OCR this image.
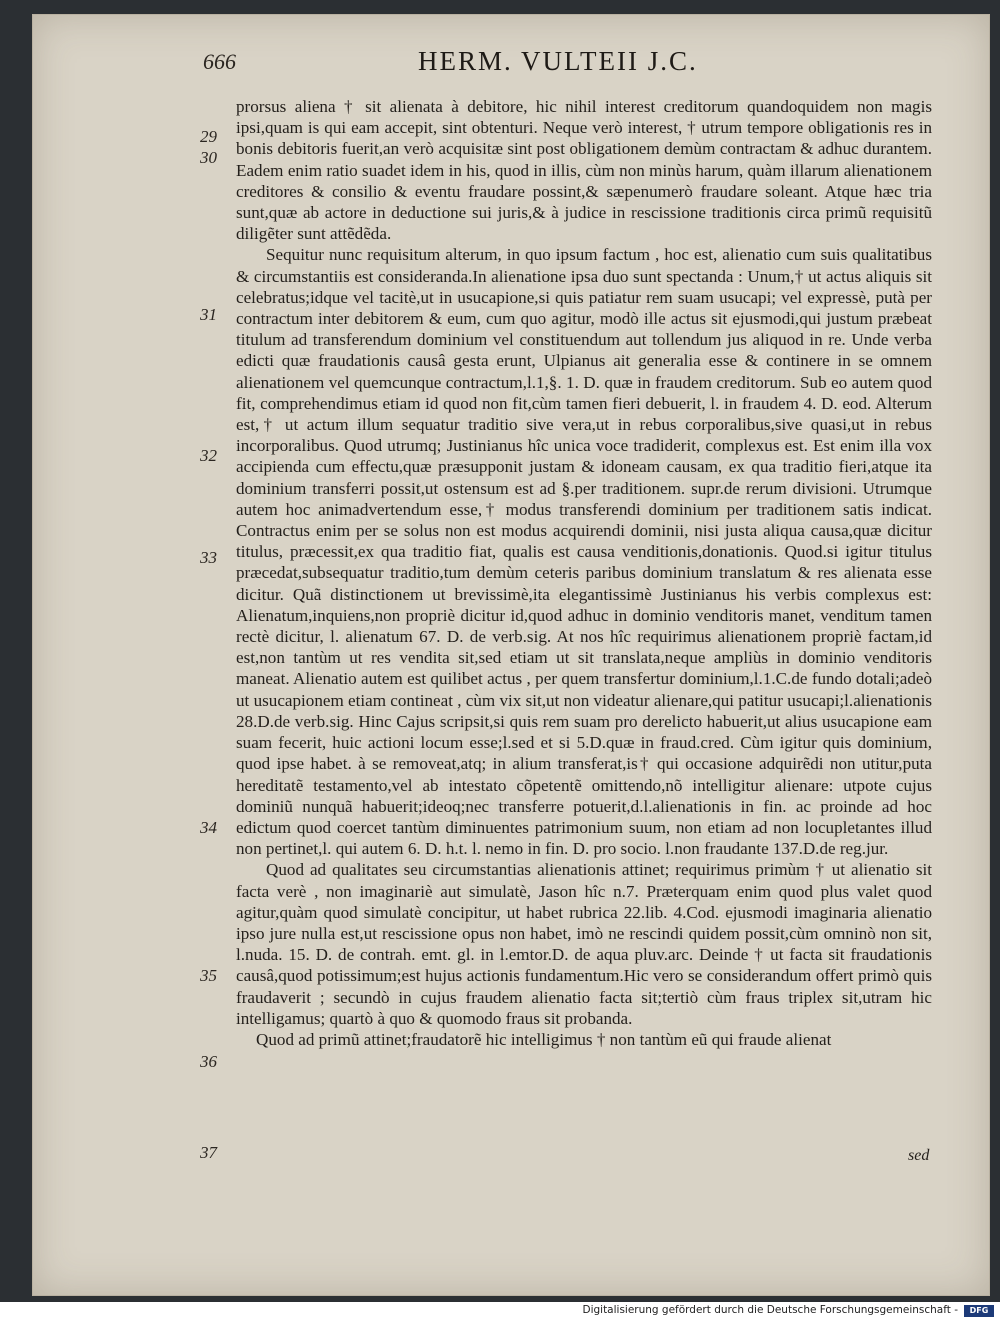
666	HERM. VULTEII J.C.
29
30
31
32
33
34
35
36
37

prorsus aliena † sit alienata à debitore, hic nihil interest creditorum quandoquidem non magis ipsi,quam is qui eam accepit, sint obtenturi. Neque verò interest, † utrum tempore obligationis res in bonis debitoris fuerit,an verò acquisitæ sint post obligationem demùm contractam & adhuc durantem. Eadem enim ratio suadet idem in his, quod in illis, cùm non minùs harum, quàm illarum alienationem creditores & consilio & eventu fraudare possint,& sæpenumerò fraudare soleant. Atque hæc tria sunt,quæ ab actore in deductione sui juris,& à judice in rescissione traditionis circa primũ requisitũ diligẽter sunt attẽdẽda.

Sequitur nunc requisitum alterum, in quo ipsum factum , hoc est, alienatio cum suis qualitatibus & circumstantiis est consideranda.In alienatione ipsa duo sunt spectanda : Unum,† ut actus aliquis sit celebratus;idque vel tacitè,ut in usucapione,si quis patiatur rem suam usucapi; vel expressè, putà per contractum inter debitorem & eum, cum quo agitur, modò ille actus sit ejusmodi,qui justum præbeat titulum ad transferendum dominium vel constituendum aut tollendum jus aliquod in re. Unde verba edicti quæ fraudationis causâ gesta erunt, Ulpianus ait generalia esse & continere in se omnem alienationem vel quemcunque contractum,l.1,§. 1. D. quæ in fraudem creditorum. Sub eo autem quod fit, comprehendimus etiam id quod non fit,cùm tamen fieri debuerit, l. in fraudem 4. D. eod. Alterum est,† ut actum illum sequatur traditio sive vera,ut in rebus corporalibus,sive quasi,ut in rebus incorporalibus. Quod utrumq; Justinianus hîc unica voce tradiderit, complexus est. Est enim illa vox accipienda cum effectu,quæ præsupponit justam & idoneam causam, ex qua traditio fieri,atque ita dominium transferri possit,ut ostensum est ad §.per traditionem. supr.de rerum divisioni. Utrumque autem hoc animadvertendum esse,† modus transferendi dominium per traditionem satis indicat. Contractus enim per se solus non est modus acquirendi dominii, nisi justa aliqua causa,quæ dicitur titulus, præcessit,ex qua traditio fiat, qualis est causa venditionis,donationis. Quod.si igitur titulus præcedat,subsequatur traditio,tum demùm ceteris paribus dominium translatum & res alienata esse dicitur. Quã distinctionem ut brevissimè,ita elegantissimè Justinianus his verbis complexus est: Alienatum,inquiens,non propriè dicitur id,quod adhuc in dominio venditoris manet, venditum tamen rectè dicitur, l. alienatum 67. D. de verb.sig. At nos hîc requirimus alienationem propriè factam,id est,non tantùm ut res vendita sit,sed etiam ut sit translata,neque ampliùs in dominio venditoris maneat. Alienatio autem est quilibet actus , per quem transfertur dominium,l.1.C.de fundo dotali;adeò ut usucapionem etiam contineat , cùm vix sit,ut non videatur alienare,qui patitur usucapi;l.alienationis 28.D.de verb.sig. Hinc Cajus scripsit,si quis rem suam pro derelicto habuerit,ut alius usucapione eam suam fecerit, huic actioni locum esse;l.sed et si 5.D.quæ in fraud.cred. Cùm igitur quis dominium, quod ipse habet. à se removeat,atq; in alium transferat,is† qui occasione adquirẽdi non utitur,puta hereditatẽ testamento,vel ab intestato cõpetentẽ omittendo,nõ intelligitur alienare: utpote cujus dominiũ nunquã habuerit;ideoq;nec transferre potuerit,d.l.alienationis in fin. ac proinde ad hoc edictum quod coercet tantùm diminuentes patrimonium suum, non etiam ad non locupletantes illud non pertinet,l. qui autem 6. D. h.t. l. nemo in fin. D. pro socio. l.non fraudante 137.D.de reg.jur.

Quod ad qualitates seu circumstantias alienationis attinet; requirimus primùm † ut alienatio sit facta verè , non imaginariè aut simulatè, Jason hîc n.7. Præterquam enim quod plus valet quod agitur,quàm quod simulatè concipitur, ut habet rubrica 22.lib. 4.Cod. ejusmodi imaginaria alienatio ipso jure nulla est,ut rescissione opus non habet, imò ne rescindi quidem possit,cùm omninò non sit, l.nuda. 15. D. de contrah. emt. gl. in l.emtor.D. de aqua pluv.arc. Deinde † ut facta sit fraudationis causâ,quod potissimum;est hujus actionis fundamentum.Hic vero se considerandum offert primò quis fraudaverit ; secundò in cujus fraudem alienatio facta sit;tertiò cùm fraus triplex sit,utram hic intelligamus; quartò à quo & quomodo fraus sit probanda.

Quod ad primũ attinet;fraudatorẽ hic intelligimus † non tantùm eũ qui fraude alienat

sed
Digitalisierung gefördert durch die Deutsche Forschungsgemeinschaft -	DFG
